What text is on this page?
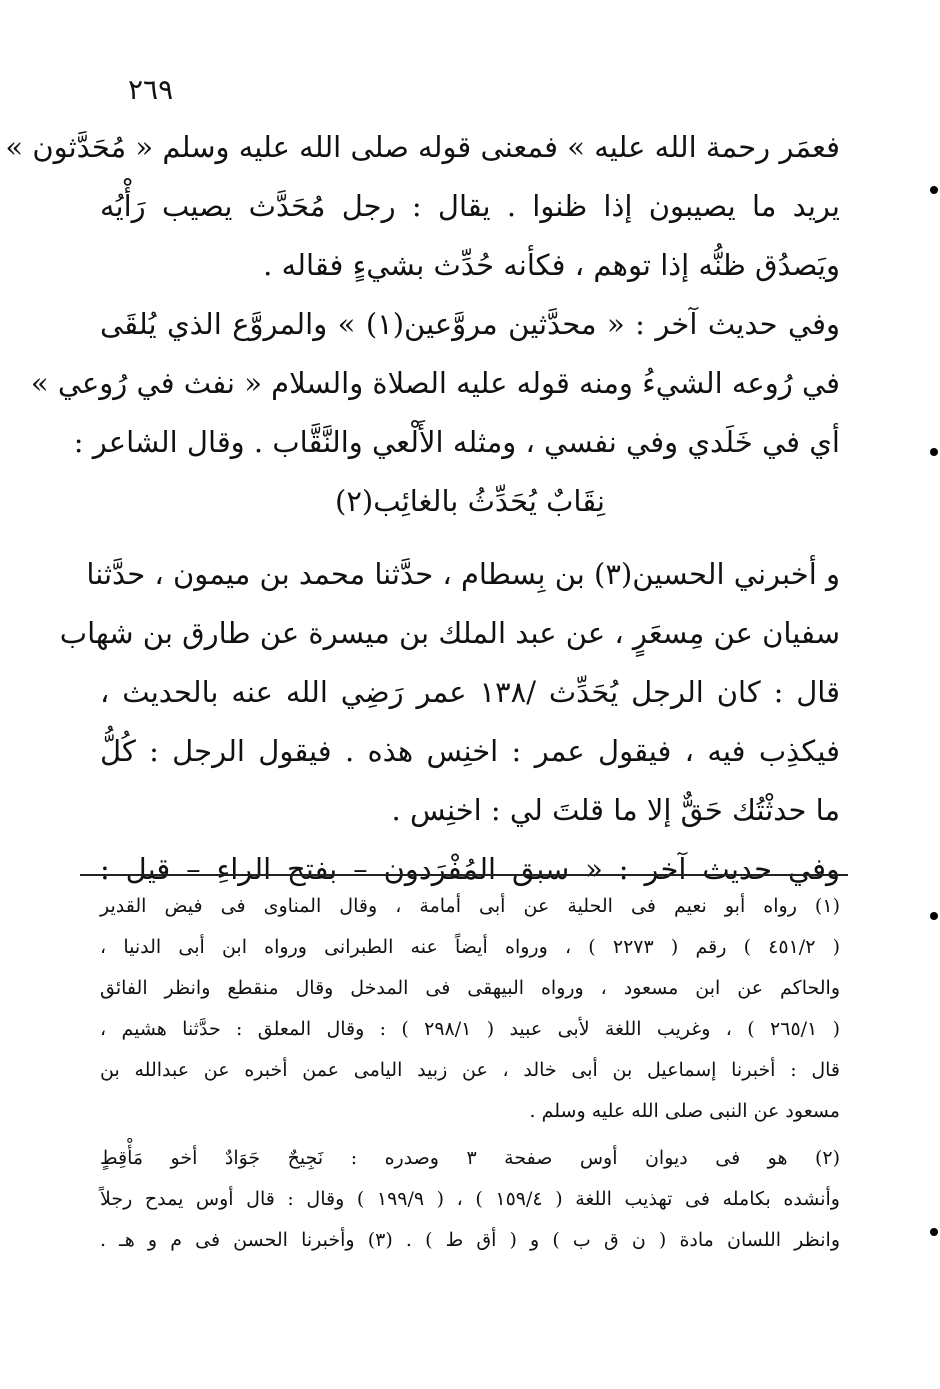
٢٦٩
فعمَر رحمة الله عليه » فمعنى قوله صلى الله عليه وسلم « مُحَدَّثون »
يريد ما يصيبون إذا ظنوا . يقال : رجل مُحَدَّث يصيب رَأْيُه
ويَصدُق ظنُّه إذا توهم ، فكأنه حُدِّث بشيءٍ فقاله .
وفي حديث آخر : « محدَّثين مروَّعين(١) » والمروَّع الذي يُلقَى
في رُوعه الشيءُ ومنه قوله عليه الصلاة والسلام « نفث في رُوعي »
أي في خَلَدي وفي نفسي ، ومثله الأَلْعي والنَّقَّاب . وقال الشاعر :
نِقَابٌ يُحَدِّثُ بالغائِب(٢)
و أخبرني الحسين(٣) بن بِسطام ، حدَّثنا محمد بن ميمون ، حدَّثنا
سفيان عن مِسعَرٍ ، عن عبد الملك بن ميسرة عن طارق بن شهاب
قال : كان الرجل يُحَدِّث /١٣٨ عمر رَضِي الله عنه بالحديث ،
فيكذِب فيه ، فيقول عمر : اخنِس هذه . فيقول الرجل : كُلُّ
ما حدثْتُك حَقٌّ إلا ما قلتَ لي : اخنِس .
وفي حديث آخر : « سبق المُفْرَدون – بفتح الراءِ – قيل :
(١) رواه أبو نعيم فى الحلية عن أبى أمامة ، وقال المناوى فى فيض القدير
( ٤٥١/٢ ) رقم ( ٢٢٧٣ ) ، ورواه أيضاً عنه الطبرانى ورواه ابن أبى الدنيا ،
والحاكم عن ابن مسعود ، ورواه البيهقى فى المدخل وقال منقطع وانظر الفائق
( ٢٦٥/١ ) ، وغريب اللغة لأبى عبيد ( ٢٩٨/١ ) : وقال المعلق : حدَّثنا هشيم ،
قال : أخبرنا إسماعيل بن أبى خالد ، عن زبيد اليامى عمن أخبره عن عبدالله بن
مسعود عن النبى صلى الله عليه وسلم .
(٢) هو فى ديوان أوس صفحة ٣ وصدره : نَجِيحٌ جَوَادٌ أخو مَأْقِطٍ
وأنشده بكامله فى تهذيب اللغة ( ١٥٩/٤ ) ، ( ١٩٩/٩ ) وقال : قال أوس يمدح رجلاً
وانظر اللسان مادة ( ن ق ب ) و ( أق ط ) . (٣) وأخبرنا الحسن فى م و هـ .
